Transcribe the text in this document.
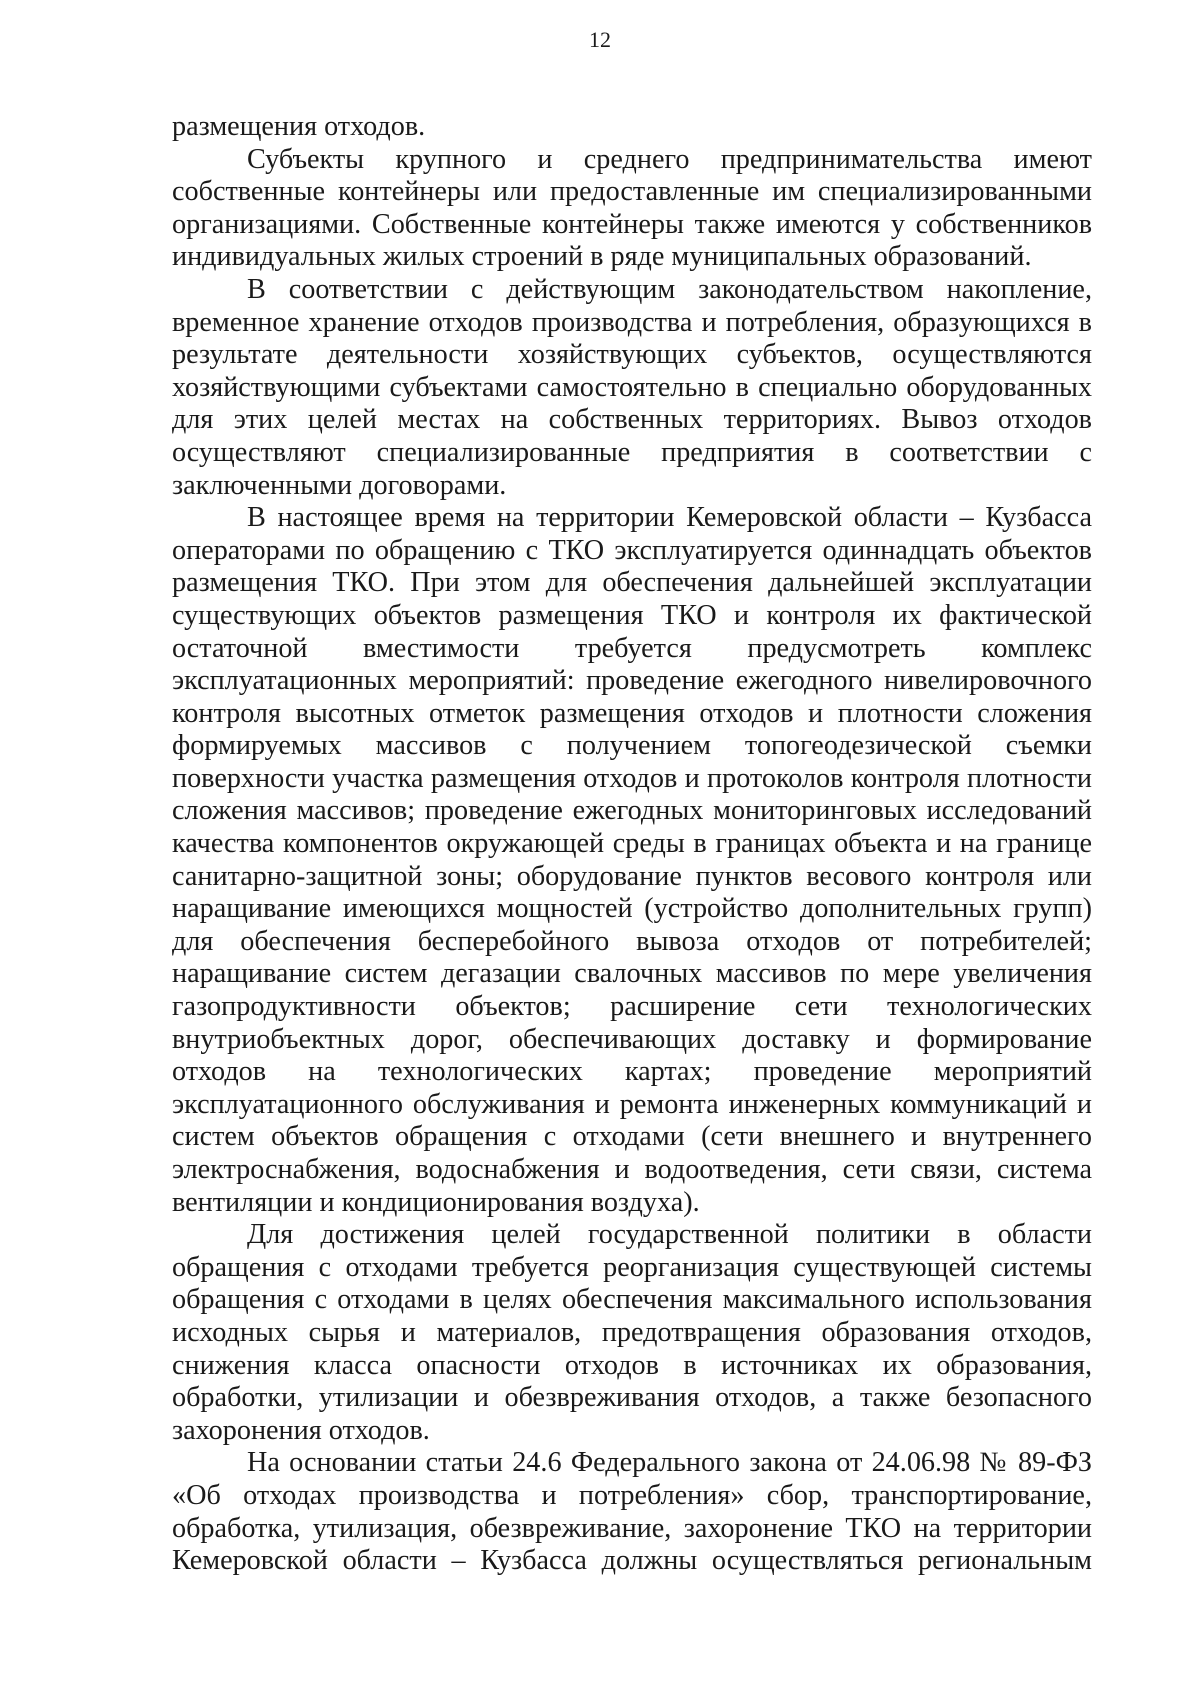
12

размещения отходов.

Субъекты крупного и среднего предпринимательства имеют собственные контейнеры или предоставленные им специализированными организациями. Собственные контейнеры также имеются у собственников индивидуальных жилых строений в ряде муниципальных образований.

В соответствии с действующим законодательством накопление, временное хранение отходов производства и потребления, образующихся в результате деятельности хозяйствующих субъектов, осуществляются хозяйствующими субъектами самостоятельно в специально оборудованных для этих целей местах на собственных территориях. Вывоз отходов осуществляют специализированные предприятия в соответствии с заключенными договорами.

В настоящее время на территории Кемеровской области – Кузбасса операторами по обращению с ТКО эксплуатируется одиннадцать объектов размещения ТКО. При этом для обеспечения дальнейшей эксплуатации существующих объектов размещения ТКО и контроля их фактической остаточной вместимости требуется предусмотреть комплекс эксплуатационных мероприятий: проведение ежегодного нивелировочного контроля высотных отметок размещения отходов и плотности сложения формируемых массивов с получением топогеодезической съемки поверхности участка размещения отходов и протоколов контроля плотности сложения массивов; проведение ежегодных мониторинговых исследований качества компонентов окружающей среды в границах объекта и на границе санитарно-защитной зоны; оборудование пунктов весового контроля или наращивание имеющихся мощностей (устройство дополнительных групп) для обеспечения бесперебойного вывоза отходов от потребителей; наращивание систем дегазации свалочных массивов по мере увеличения газопродуктивности объектов; расширение сети технологических внутриобъектных дорог, обеспечивающих доставку и формирование отходов на технологических картах; проведение мероприятий эксплуатационного обслуживания и ремонта инженерных коммуникаций и систем объектов обращения с отходами (сети внешнего и внутреннего электроснабжения, водоснабжения и водоотведения, сети связи, система вентиляции и кондиционирования воздуха).

Для достижения целей государственной политики в области обращения с отходами требуется реорганизация существующей системы обращения с отходами в целях обеспечения максимального использования исходных сырья и материалов, предотвращения образования отходов, снижения класса опасности отходов в источниках их образования, обработки, утилизации и обезвреживания отходов, а также безопасного захоронения отходов.

На основании статьи 24.6 Федерального закона от 24.06.98 № 89-ФЗ «Об отходах производства и потребления» сбор, транспортирование, обработка, утилизация, обезвреживание, захоронение ТКО на территории Кемеровской области – Кузбасса должны осуществляться региональным
